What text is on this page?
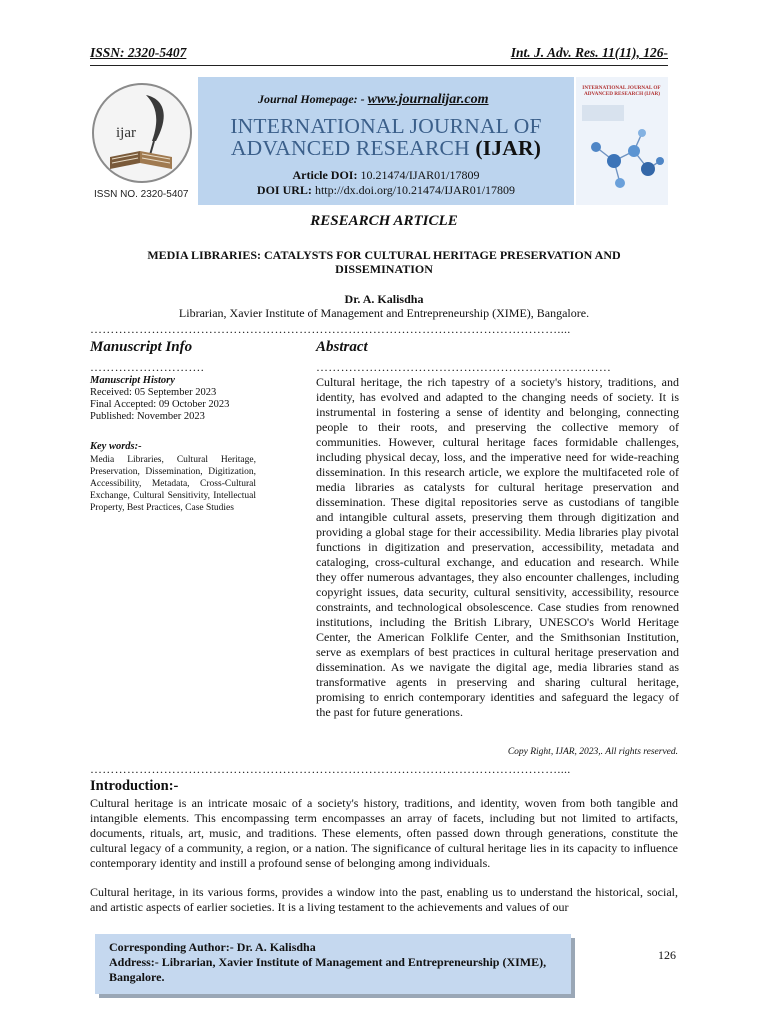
ISSN: 2320-5407	Int. J. Adv. Res. 11(11), 126-
ijar
ISSN NO. 2320-5407
Journal Homepage: - www.journalijar.com
INTERNATIONAL JOURNAL OF
ADVANCED RESEARCH (IJAR)
Article DOI: 10.21474/IJAR01/17809
DOI URL: http://dx.doi.org/10.21474/IJAR01/17809
INTERNATIONAL JOURNAL OF ADVANCED RESEARCH (IJAR)
RESEARCH ARTICLE
MEDIA LIBRARIES: CATALYSTS FOR CULTURAL HERITAGE PRESERVATION AND
DISSEMINATION
Dr. A. Kalisdha
Librarian, Xavier Institute of Management and Entrepreneurship (XIME), Bangalore.
……………………………………………………………………………………………………....
Manuscript Info
……………………….
Manuscript History
Received: 05 September 2023
Final Accepted: 09 October 2023
Published: November 2023
Key words:-
Media Libraries, Cultural Heritage, Preservation, Dissemination, Digitization, Accessibility, Metadata, Cross-Cultural Exchange, Cultural Sensitivity, Intellectual Property, Best Practices, Case Studies
Abstract
………………………………………………………………
Cultural heritage, the rich tapestry of a society's history, traditions, and identity, has evolved and adapted to the changing needs of society. It is instrumental in fostering a sense of identity and belonging, connecting people to their roots, and preserving the collective memory of communities. However, cultural heritage faces formidable challenges, including physical decay, loss, and the imperative need for wide-reaching dissemination. In this research article, we explore the multifaceted role of media libraries as catalysts for cultural heritage preservation and dissemination. These digital repositories serve as custodians of tangible and intangible cultural assets, preserving them through digitization and providing a global stage for their accessibility. Media libraries play pivotal functions in digitization and preservation, accessibility, metadata and cataloging, cross-cultural exchange, and education and research. While they offer numerous advantages, they also encounter challenges, including copyright issues, data security, cultural sensitivity, accessibility, resource constraints, and technological obsolescence. Case studies from renowned institutions, including the British Library, UNESCO's World Heritage Center, the American Folklife Center, and the Smithsonian Institution, serve as exemplars of best practices in cultural heritage preservation and dissemination. As we navigate the digital age, media libraries stand as transformative agents in preserving and sharing cultural heritage, promising to enrich contemporary identities and safeguard the legacy of the past for future generations.
Copy Right, IJAR, 2023,. All rights reserved.
……………………………………………………………………………………………………....
Introduction:-
Cultural heritage is an intricate mosaic of a society's history, traditions, and identity, woven from both tangible and intangible elements. This encompassing term encompasses an array of facets, including but not limited to artifacts, documents, rituals, art, music, and traditions. These elements, often passed down through generations, constitute the cultural legacy of a community, a region, or a nation. The significance of cultural heritage lies in its capacity to influence contemporary identity and instill a profound sense of belonging among individuals.
Cultural heritage, in its various forms, provides a window into the past, enabling us to understand the historical, social, and artistic aspects of earlier societies. It is a living testament to the achievements and values of our
Corresponding Author:- Dr. A. Kalisdha
Address:- Librarian, Xavier Institute of Management and Entrepreneurship (XIME), Bangalore.
126
